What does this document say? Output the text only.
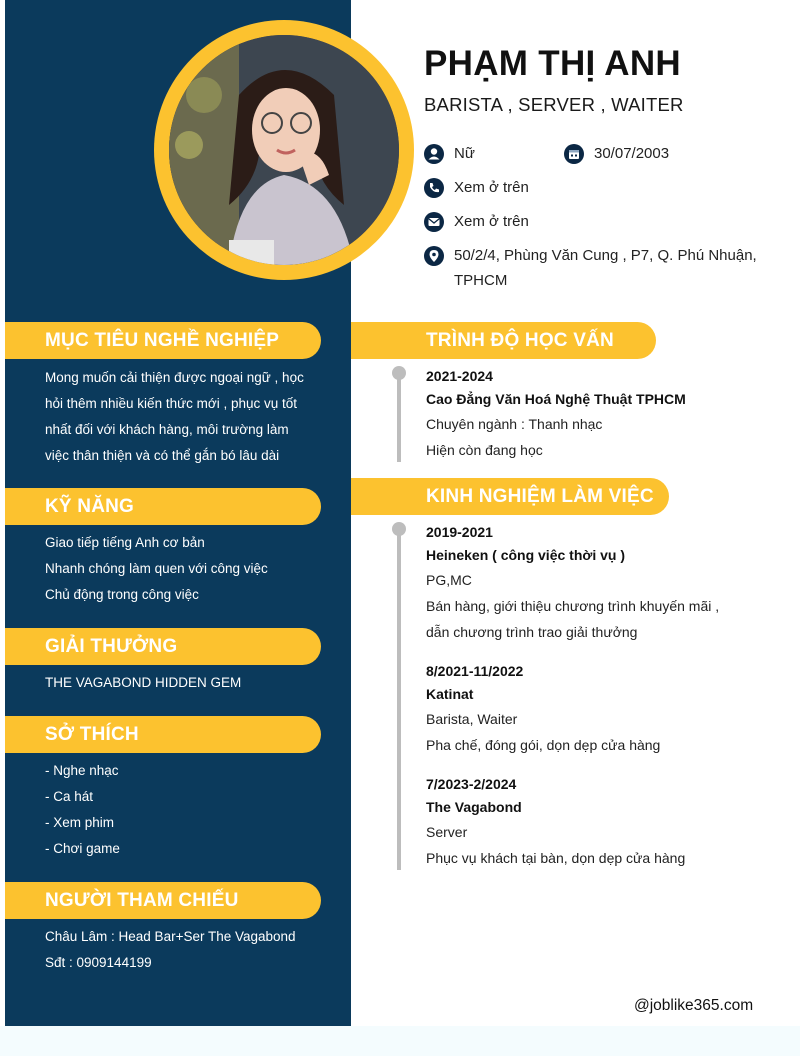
PHẠM THỊ ANH
BARISTA , SERVER , WAITER
Nữ	30/07/2003
Xem ở trên
Xem ở trên
50/2/4, Phùng Văn Cung , P7, Q. Phú Nhuận,
TPHCM
MỤC TIÊU NGHỀ NGHIỆP
Mong muốn cải thiện được ngoại ngữ , học
hỏi thêm nhiều kiến thức mới , phục vụ tốt
nhất đối với khách hàng, môi trường làm
việc thân thiện và có thể gắn bó lâu dài
KỸ NĂNG
Giao tiếp tiếng Anh cơ bản
Nhanh chóng làm quen với công việc
Chủ động trong công việc
GIẢI THƯỞNG
THE VAGABOND HIDDEN GEM
SỞ THÍCH
- Nghe nhạc
- Ca hát
- Xem phim
- Chơi game
NGƯỜI THAM CHIẾU
Châu Lâm : Head Bar+Ser The Vagabond
Sđt : 0909144199
TRÌNH ĐỘ HỌC VẤN
2021-2024
Cao Đẳng Văn Hoá Nghệ Thuật TPHCM
Chuyên ngành : Thanh nhạc
Hiện còn đang học
KINH NGHIỆM LÀM VIỆC
2019-2021
Heineken ( công việc thời vụ )
PG,MC
Bán hàng, giới thiệu chương trình khuyến mãi ,
dẫn chương trình trao giải thưởng
8/2021-11/2022
Katinat
Barista, Waiter
Pha chế, đóng gói, dọn dẹp cửa hàng
7/2023-2/2024
The Vagabond
Server
Phục vụ khách tại bàn, dọn dẹp cửa hàng
@joblike365.com
